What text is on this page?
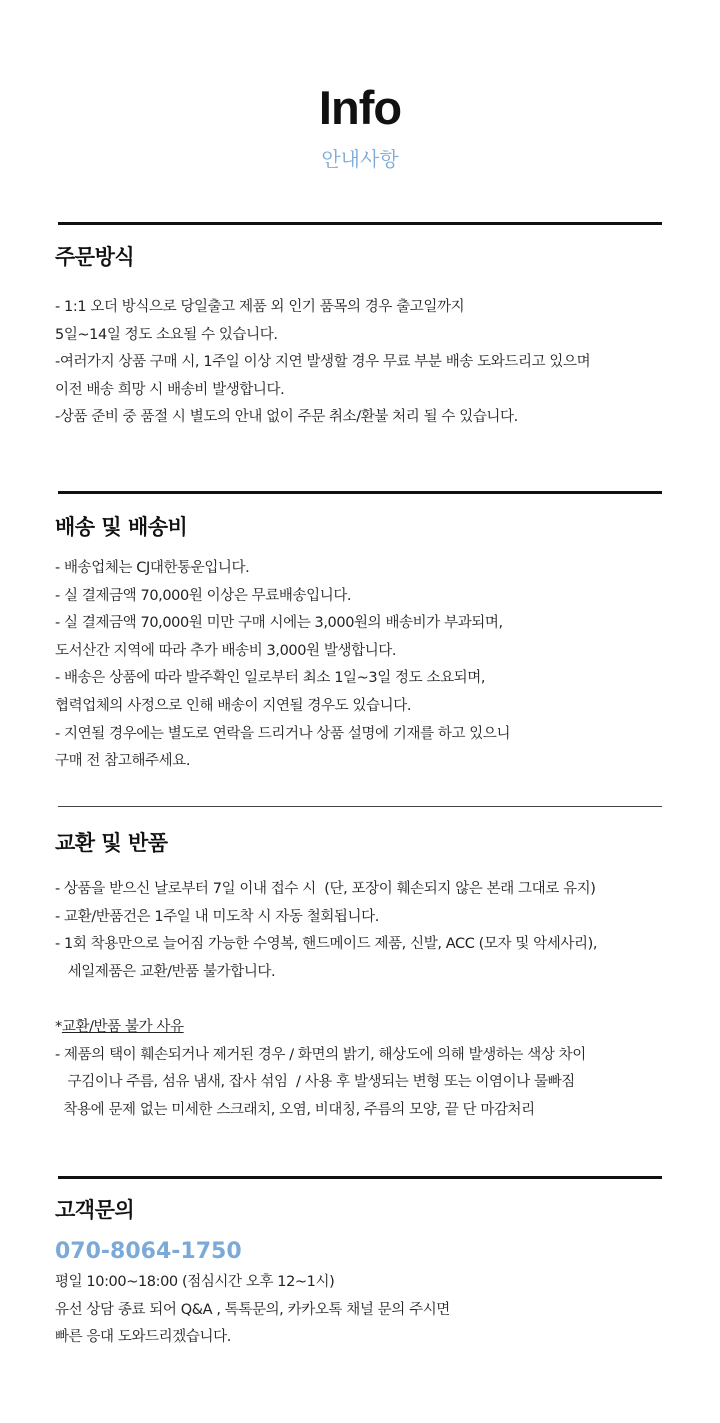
Info
안내사항
주문방식
- 1:1 오더 방식으로 당일출고 제품 외 인기 품목의 경우 출고일까지
5일~14일 정도 소요될 수 있습니다.
-여러가지 상품 구매 시, 1주일 이상 지연 발생할 경우 무료 부분 배송 도와드리고 있으며
이전 배송 희망 시 배송비 발생합니다.
-상품 준비 중 품절 시 별도의 안내 없이 주문 취소/환불 처리 될 수 있습니다.
배송 및 배송비
- 배송업체는 CJ대한통운입니다.
- 실 결제금액 70,000원 이상은 무료배송입니다.
- 실 결제금액 70,000원 미만 구매 시에는 3,000원의 배송비가 부과되며,
도서산간 지역에 따라 추가 배송비 3,000원 발생합니다.
- 배송은 상품에 따라 발주확인 일로부터 최소 1일~3일 정도 소요되며,
협력업체의 사정으로 인해 배송이 지연될 경우도 있습니다.
- 지연될 경우에는 별도로 연락을 드리거나 상품 설명에 기재를 하고 있으니
구매 전 참고해주세요.
교환 및 반품
- 상품을 받으신 날로부터 7일 이내 접수 시  (단, 포장이 훼손되지 않은 본래 그대로 유지)
- 교환/반품건은 1주일 내 미도착 시 자동 철회됩니다.
- 1회 착용만으로 늘어짐 가능한 수영복, 핸드메이드 제품, 신발, ACC (모자 및 악세사리),
세일제품은 교환/반품 불가합니다.
*교환/반품 불가 사유
- 제품의 택이 훼손되거나 제거된 경우 / 화면의 밝기, 해상도에 의해 발생하는 색상 차이
구김이나 주름, 섬유 냄새, 잡사 섞임  / 사용 후 발생되는 변형 또는 이염이나 물빠짐
착용에 문제 없는 미세한 스크래치, 오염, 비대칭, 주름의 모양, 끝 단 마감처리
고객문의
070-8064-1750
평일 10:00~18:00 (점심시간 오후 12~1시)
유선 상담 종료 되어 Q&A , 톡톡문의, 카카오톡 채널 문의 주시면
빠른 응대 도와드리겠습니다.
